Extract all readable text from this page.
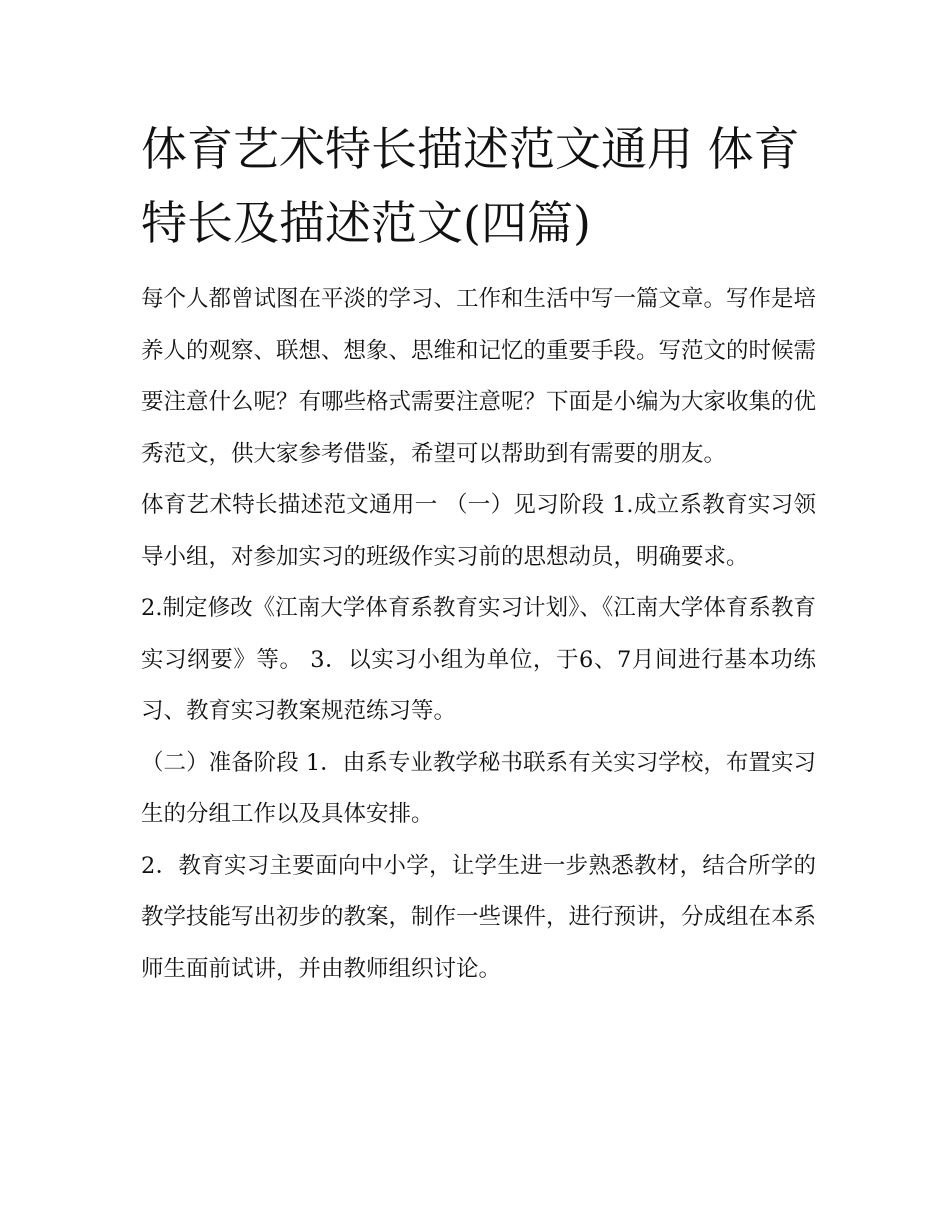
体育艺术特长描述范文通用 体育特长及描述范文(四篇)

每个人都曾试图在平淡的学习、工作和生活中写一篇文章。写作是培养人的观察、联想、想象、思维和记忆的重要手段。写范文的时候需要注意什么呢？有哪些格式需要注意呢？下面是小编为大家收集的优秀范文，供大家参考借鉴，希望可以帮助到有需要的朋友。

体育艺术特长描述范文通用一 （一）见习阶段 1.成立系教育实习领导小组，对参加实习的班级作实习前的思想动员，明确要求。

2.制定修改《江南大学体育系教育实习计划》、《江南大学体育系教育实习纲要》等。 3．以实习小组为单位，于6、7月间进行基本功练习、教育实习教案规范练习等。

（二）准备阶段 1．由系专业教学秘书联系有关实习学校，布置实习生的分组工作以及具体安排。

2．教育实习主要面向中小学，让学生进一步熟悉教材，结合所学的教学技能写出初步的教案，制作一些课件，进行预讲，分成组在本系师生面前试讲，并由教师组织讨论。
